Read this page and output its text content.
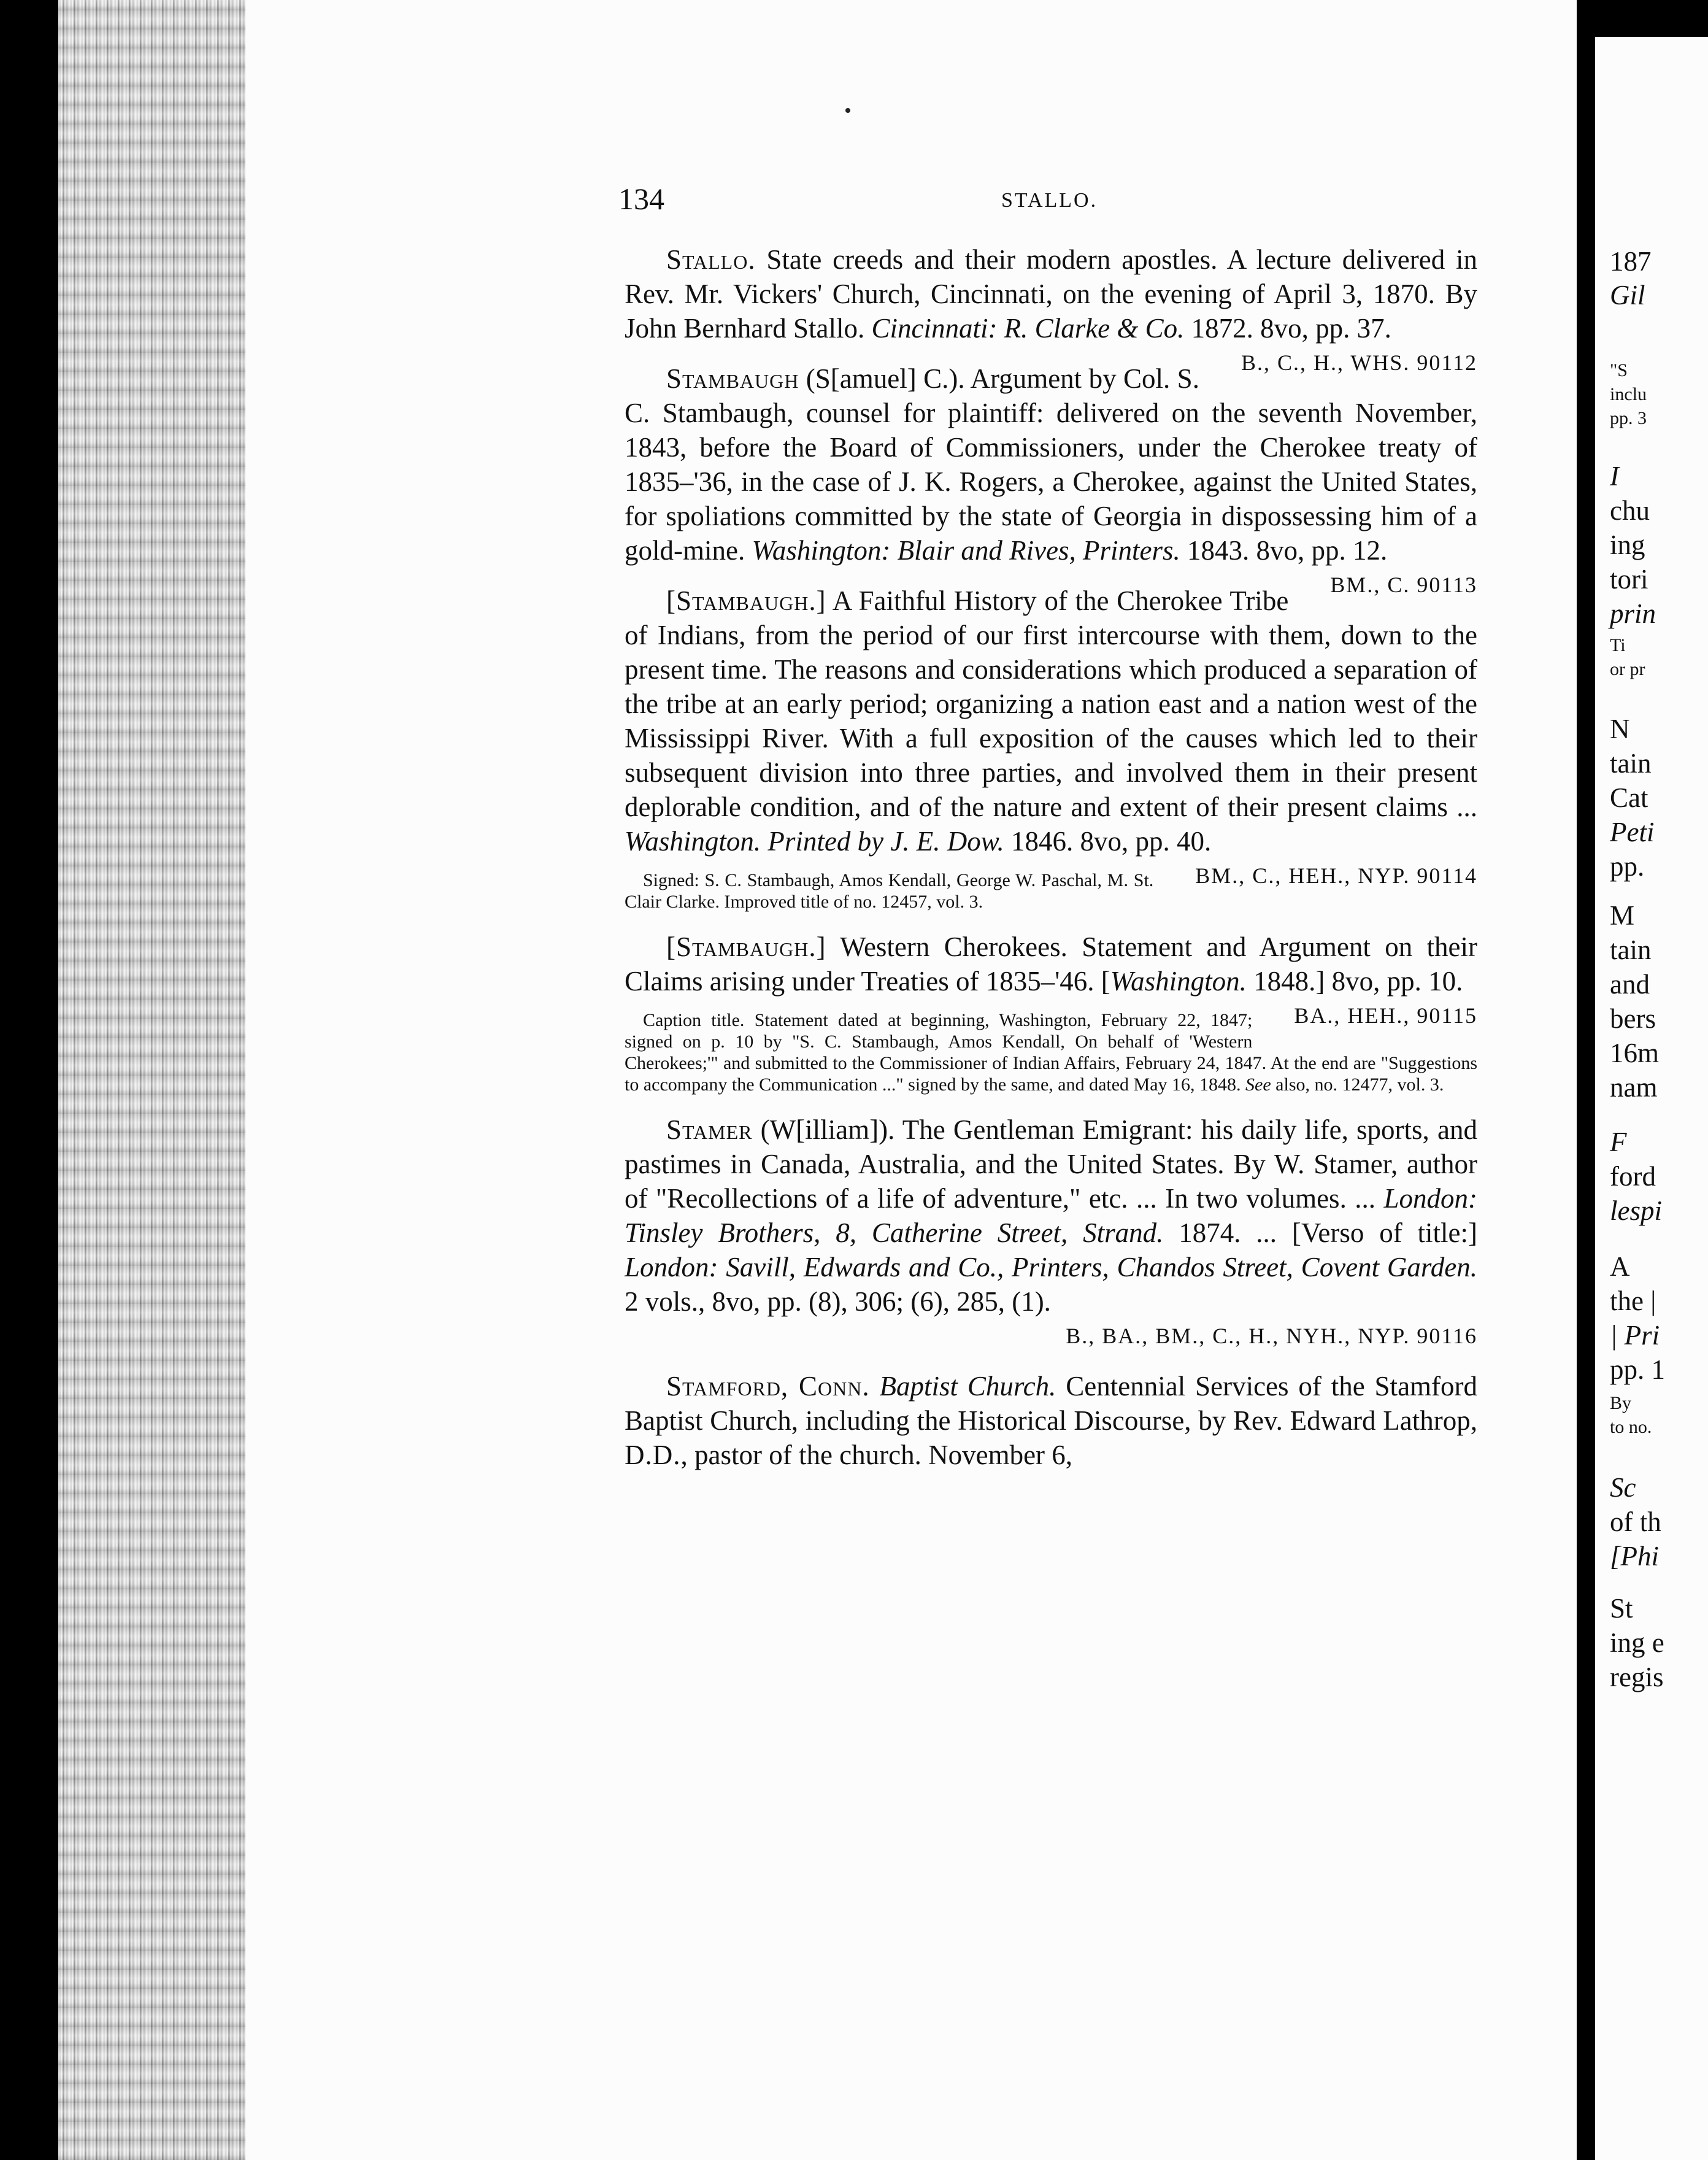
134	STALLO.

Stallo. State creeds and their modern apostles. A lecture delivered in Rev. Mr. Vickers' Church, Cincinnati, on the evening of April 3, 1870. By John Bernhard Stallo. Cincinnati: R. Clarke & Co. 1872. 8vo, pp. 37.
B., C., H., WHS. 90112

Stambaugh (S[amuel] C.). Argument by Col. S. C. Stambaugh, counsel for plaintiff: delivered on the seventh November, 1843, before the Board of Commissioners, under the Cherokee treaty of 1835–'36, in the case of J. K. Rogers, a Cherokee, against the United States, for spoliations committed by the state of Georgia in dispossessing him of a gold-mine. Washington: Blair and Rives, Printers. 1843. 8vo, pp. 12.
BM., C. 90113

[Stambaugh.] A Faithful History of the Cherokee Tribe of Indians, from the period of our first intercourse with them, down to the present time. The reasons and considerations which produced a separation of the tribe at an early period; organizing a nation east and a nation west of the Mississippi River. With a full exposition of the causes which led to their subsequent division into three parties, and involved them in their present deplorable condition, and of the nature and extent of their present claims ... Washington. Printed by J. E. Dow. 1846. 8vo, pp. 40.
BM., C., HEH., NYP. 90114

Signed: S. C. Stambaugh, Amos Kendall, George W. Paschal, M. St. Clair Clarke. Improved title of no. 12457, vol. 3.

[Stambaugh.] Western Cherokees. Statement and Argument on their Claims arising under Treaties of 1835–'46. [Washington. 1848.] 8vo, pp. 10.
BA., HEH., 90115

Caption title. Statement dated at beginning, Washington, February 22, 1847; signed on p. 10 by "S. C. Stambaugh, Amos Kendall, On behalf of 'Western Cherokees;'" and submitted to the Commissioner of Indian Affairs, February 24, 1847. At the end are "Suggestions to accompany the Communication ..." signed by the same, and dated May 16, 1848. See also, no. 12477, vol. 3.

Stamer (W[illiam]). The Gentleman Emigrant: his daily life, sports, and pastimes in Canada, Australia, and the United States. By W. Stamer, author of "Recollections of a life of adventure," etc. ... In two volumes. ... London: Tinsley Brothers, 8, Catherine Street, Strand. 1874. ... [Verso of title:] London: Savill, Edwards and Co., Printers, Chandos Street, Covent Garden. 2 vols., 8vo, pp. (8), 306; (6), 285, (1).
B., BA., BM., C., H., NYH., NYP. 90116

Stamford, Conn. Baptist Church. Centennial Services of the Stamford Baptist Church, including the Historical Discourse, by Rev. Edward Lathrop, D.D., pastor of the church. November 6,

187
Gil
"S
inclu
pp. 3
I
chu
ing
tori
prin
Ti
or pr
N
tain
Cat
Peti
pp.
M
tain
and
bers
16m
nam
F
ford
lespi
A
the |
| Pri
pp. 1
By
to no.
Sc
of th
[Phi
St
ing e
regis
